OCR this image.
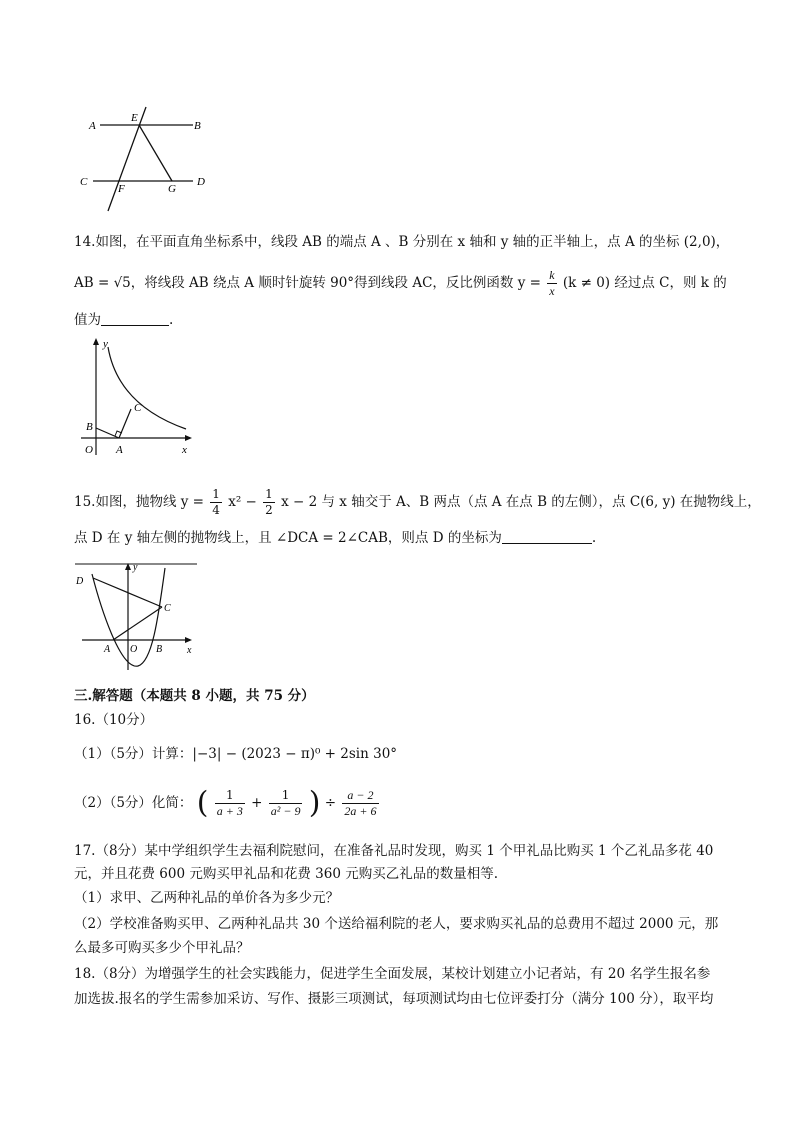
A
E
B
C
F	G
D
14.如图，在平面直角坐标系中，线段 AB 的端点 A 、B 分别在 x 轴和 y 轴的正半轴上，点 A 的坐标 (2,0)，
AB = √5，将线段 AB 绕点 A 顺时针旋转 90°得到线段 AC，反比例函数 $y = \frac{k}{x} (k \ne 0)$ 经过点 C，则 k 的
值为	.
y
B
O A
C
x
15.如图，抛物线 $y = \frac{1}{4} x^2 - \frac{1}{2}$ x − 2 与 x 轴交于 A、B 两点（点 A 在点 B 的左侧），点 C(6, y) 在抛物线上，
点 D 在 y 轴左侧的抛物线上，且 ∠DCA = 2∠CAB，则点 D 的坐标为	.
y
D
C
A O B x
三.解答题（本题共 8 小题，共 75 分）
16.（10分）
（1）（5分）计算：|−3| − (2023 − π)⁰ + 2sin 30°
（2）（5分）化简： ( $\frac{1}{a + 3} + \frac{1}{\text{a² − 9}}$ ) ÷ $\frac{a - 2}{2a + 6}$
17.（8分）某中学组织学生去福利院慰问，在准备礼品时发现，购买 1 个甲礼品比购买 1 个乙礼品多花 40
元，并且花费 600 元购买甲礼品和花费 360 元购买乙礼品的数量相等.
（1）求甲、乙两种礼品的单价各为多少元？
（2）学校准备购买甲、乙两种礼品共 30 个送给福利院的老人，要求购买礼品的总费用不超过 2000 元，那
么最多可购买多少个甲礼品？
18.（8分）为增强学生的社会实践能力，促进学生全面发展，某校计划建立小记者站，有 20 名学生报名参
加选拔.报名的学生需参加采访、写作、摄影三项测试，每项测试均由七位评委打分（满分 100 分），取平均
